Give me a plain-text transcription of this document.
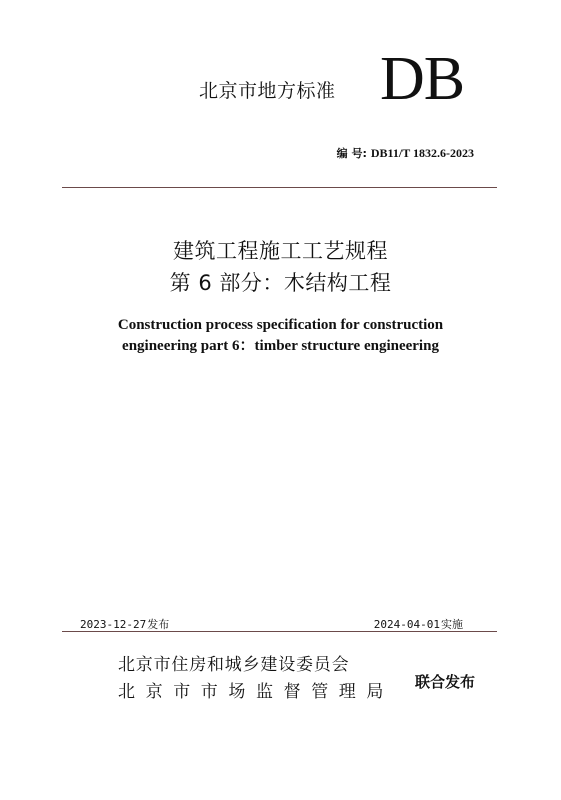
北京市地方标准 DB
编 号: DB11/T 1832.6-2023
建筑工程施工工艺规程
第 6 部分：木结构工程
Construction process specification for construction
engineering part 6：timber structure engineering
2023-12-27发布	2024-04-01实施
北京市住房和城乡建设委员会
北京市市场监督管理局 联合发布
